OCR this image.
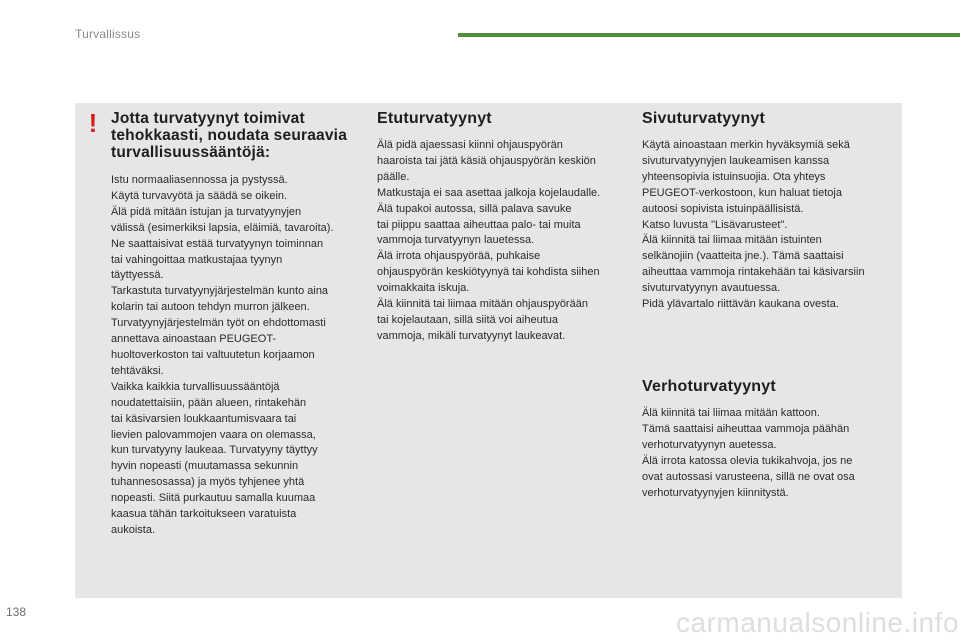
Turvallissus
! Jotta turvatyynyt toimivat tehokkaasti, noudata seuraavia turvallisuussääntöjä:

Istu normaaliasennossa ja pystyssä.

Käytä turvavyötä ja säädä se oikein.

Älä pidä mitään istujan ja turvatyynyjen

välissä (esimerkiksi lapsia, eläimiä, tavaroita).

Ne saattaisivat estää turvatyynyn toiminnan

tai vahingoittaa matkustajaa tyynyn

täyttyessä.

Tarkastuta turvatyynyjärjestelmän kunto aina

kolarin tai autoon tehdyn murron jälkeen.

Turvatyynyjärjestelmän työt on ehdottomasti

annettava ainoastaan PEUGEOT-

huoltoverkoston tai valtuutetun korjaamon

tehtäväksi.

Vaikka kaikkia turvallisuussääntöjä

noudatettaisiin, pään alueen, rintakehän

tai käsivarsien loukkaantumisvaara tai

lievien palovammojen vaara on olemassa,

kun turvatyyny laukeaa. Turvatyyny täyttyy

hyvin nopeasti (muutamassa sekunnin

tuhannesosassa) ja myös tyhjenee yhtä

nopeasti. Siitä purkautuu samalla kuumaa

kaasua tähän tarkoitukseen varatuista

aukoista.

Etuturvatyynyt

Älä pidä ajaessasi kiinni ohjauspyörän

haaroista tai jätä käsiä ohjauspyörän keskiön

päälle.

Matkustaja ei saa asettaa jalkoja kojelaudalle.

Älä tupakoi autossa, sillä palava savuke

tai piippu saattaa aiheuttaa palo- tai muita

vammoja turvatyynyn lauetessa.

Älä irrota ohjauspyörää, puhkaise

ohjauspyörän keskiötyynyä tai kohdista siihen

voimakkaita iskuja.

Älä kiinnitä tai liimaa mitään ohjauspyörään

tai kojelautaan, sillä siitä voi aiheutua

vammoja, mikäli turvatyynyt laukeavat.

Sivuturvatyynyt

Käytä ainoastaan merkin hyväksymiä sekä

sivuturvatyynyjen laukeamisen kanssa

yhteensopivia istuinsuojia. Ota yhteys

PEUGEOT-verkostoon, kun haluat tietoja

autoosi sopivista istuinpäällisistä.

Katso luvusta "Lisävarusteet".

Älä kiinnitä tai liimaa mitään istuinten

selkänojiin (vaatteita jne.). Tämä saattaisi

aiheuttaa vammoja rintakehään tai käsivarsiin

sivuturvatyynyn avautuessa.

Pidä ylävartalo riittävän kaukana ovesta.

Verhoturvatyynyt

Älä kiinnitä tai liimaa mitään kattoon.

Tämä saattaisi aiheuttaa vammoja päähän

verhoturvatyynyn auetessa.

Älä irrota katossa olevia tukikahvoja, jos ne

ovat autossasi varusteena, sillä ne ovat osa

verhoturvatyynyjen kiinnitystä.

138	carmanualsonline.info
